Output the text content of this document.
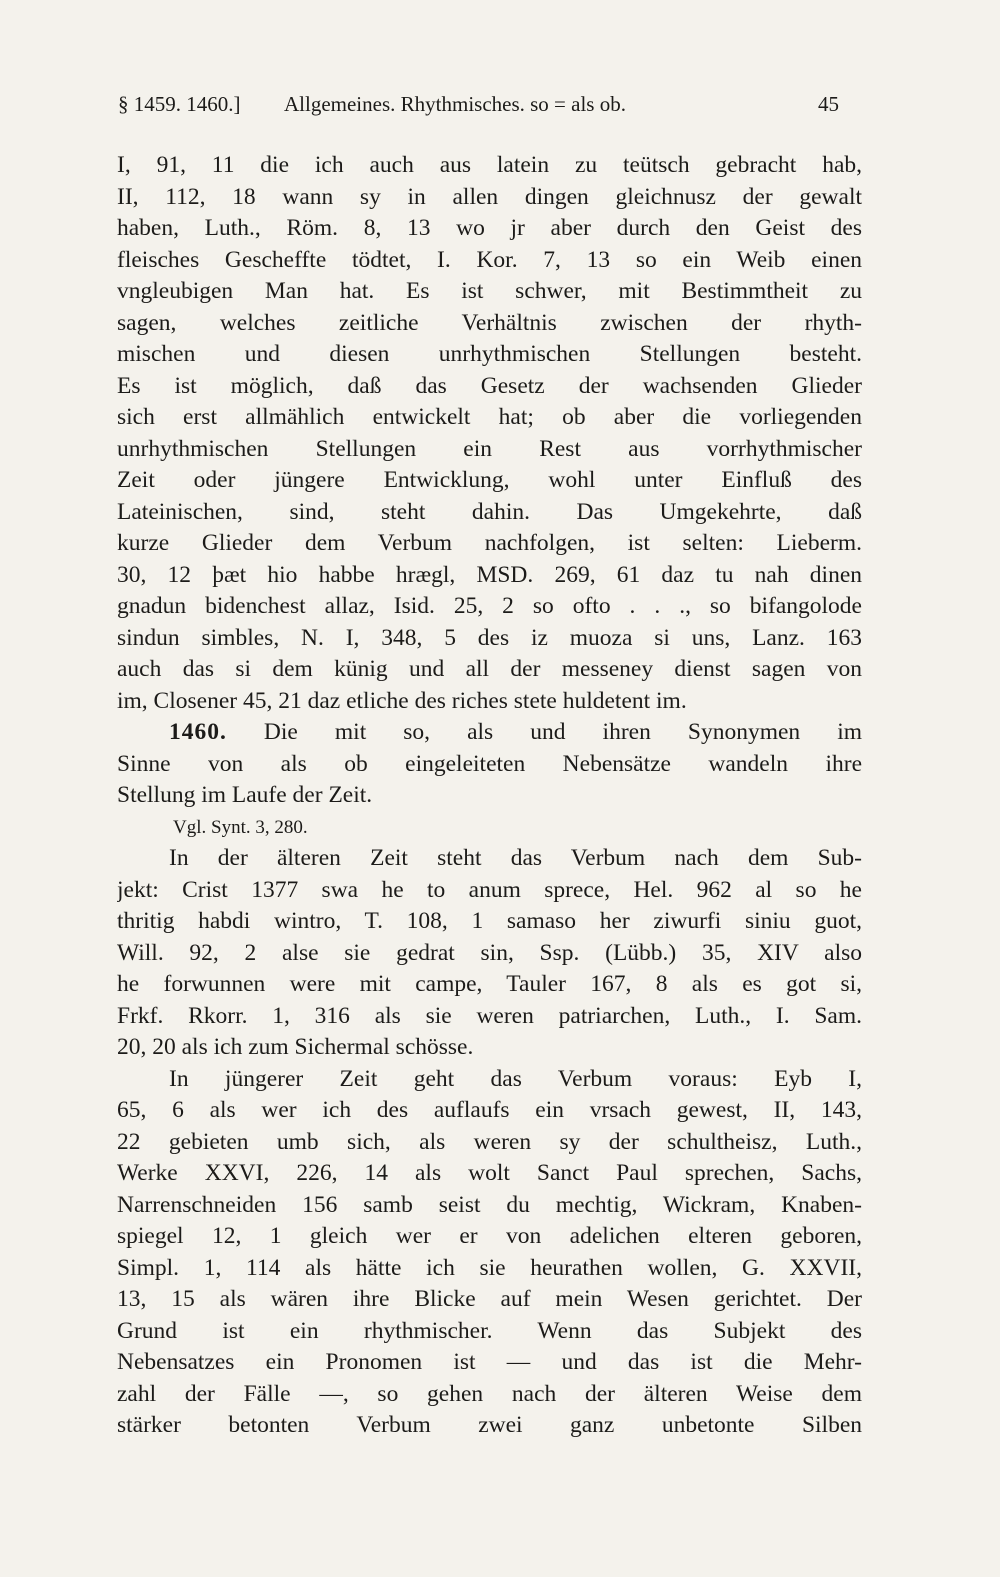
§ 1459. 1460.] Allgemeines. Rhythmisches. so = als ob.	45
I, 91, 11 die ich auch aus latein zu teütsch gebracht hab,
II, 112, 18 wann sy in allen dingen gleichnusz der gewalt
haben, Luth., Röm. 8, 13 wo jr aber durch den Geist des
fleisches Gescheffte tödtet, I. Kor. 7, 13 so ein Weib einen
vngleubigen Man hat. Es ist schwer, mit Bestimmtheit zu
sagen, welches zeitliche Verhältnis zwischen der rhyth-
mischen und diesen unrhythmischen Stellungen besteht.
Es ist möglich, daß das Gesetz der wachsenden Glieder
sich erst allmählich entwickelt hat; ob aber die vorliegenden
unrhythmischen Stellungen ein Rest aus vorrhythmischer
Zeit oder jüngere Entwicklung, wohl unter Einfluß des
Lateinischen, sind, steht dahin. Das Umgekehrte, daß
kurze Glieder dem Verbum nachfolgen, ist selten: Lieberm.
30, 12 þæt hio habbe hrægl, MSD. 269, 61 daz tu nah dinen
gnadun bidenchest allaz, Isid. 25, 2 so ofto . . ., so bifangolode
sindun simbles, N. I, 348, 5 des iz muoza si uns, Lanz. 163
auch das si dem künig und all der messeney dienst sagen von
im, Closener 45, 21 daz etliche des riches stete huldetent im.
1460. Die mit so, als und ihren Synonymen im
Sinne von als ob eingeleiteten Nebensätze wandeln ihre
Stellung im Laufe der Zeit.
Vgl. Synt. 3, 280.
In der älteren Zeit steht das Verbum nach dem Sub-
jekt: Crist 1377 swa he to anum sprece, Hel. 962 al so he
thritig habdi wintro, T. 108, 1 samaso her ziwurfi siniu guot,
Will. 92, 2 alse sie gedrat sin, Ssp. (Lübb.) 35, XIV also
he forwunnen were mit campe, Tauler 167, 8 als es got si,
Frkf. Rkorr. 1, 316 als sie weren patriarchen, Luth., I. Sam.
20, 20 als ich zum Sichermal schösse.
In jüngerer Zeit geht das Verbum voraus: Eyb I,
65, 6 als wer ich des auflaufs ein vrsach gewest, II, 143,
22 gebieten umb sich, als weren sy der schultheisz, Luth.,
Werke XXVI, 226, 14 als wolt Sanct Paul sprechen, Sachs,
Narrenschneiden 156 samb seist du mechtig, Wickram, Knaben-
spiegel 12, 1 gleich wer er von adelichen elteren geboren,
Simpl. 1, 114 als hätte ich sie heurathen wollen, G. XXVII,
13, 15 als wären ihre Blicke auf mein Wesen gerichtet. Der
Grund ist ein rhythmischer. Wenn das Subjekt des
Nebensatzes ein Pronomen ist — und das ist die Mehr-
zahl der Fälle —, so gehen nach der älteren Weise dem
stärker betonten Verbum zwei ganz unbetonte Silben
